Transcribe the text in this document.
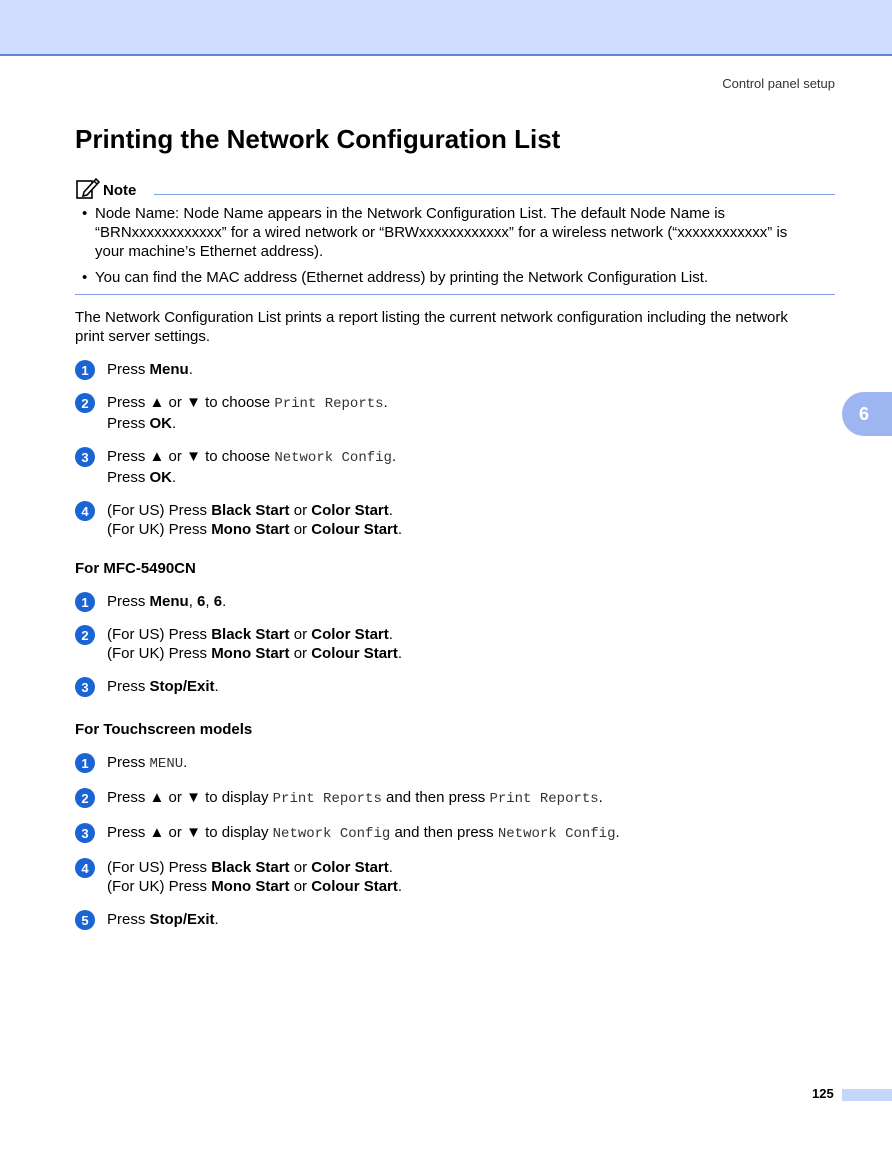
Control panel setup
6
Printing the Network Configuration List
Note
• Node Name: Node Name appears in the Network Configuration List. The default Node Name is
“BRNxxxxxxxxxxxx” for a wired network or “BRWxxxxxxxxxxxx” for a wireless network (“xxxxxxxxxxxx” is
your machine’s Ethernet address).
• You can find the MAC address (Ethernet address) by printing the Network Configuration List.

The Network Configuration List prints a report listing the current network configuration including the network
print server settings.

1	Press Menu.
2	Press ▲ or ▼ to choose Print Reports.
Press OK.
3	Press ▲ or ▼ to choose Network Config.
Press OK.
4	(For US) Press Black Start or Color Start.
(For UK) Press Mono Start or Colour Start.
For MFC-5490CN
1	Press Menu, 6, 6.
2	(For US) Press Black Start or Color Start.
(For UK) Press Mono Start or Colour Start.
3	Press Stop/Exit.
For Touchscreen models
1	Press MENU.
2	Press ▲ or ▼ to display Print Reports and then press Print Reports.
3	Press ▲ or ▼ to display Network Config and then press Network Config.
4	(For US) Press Black Start or Color Start.
(For UK) Press Mono Start or Colour Start.
5	Press Stop/Exit.
125
